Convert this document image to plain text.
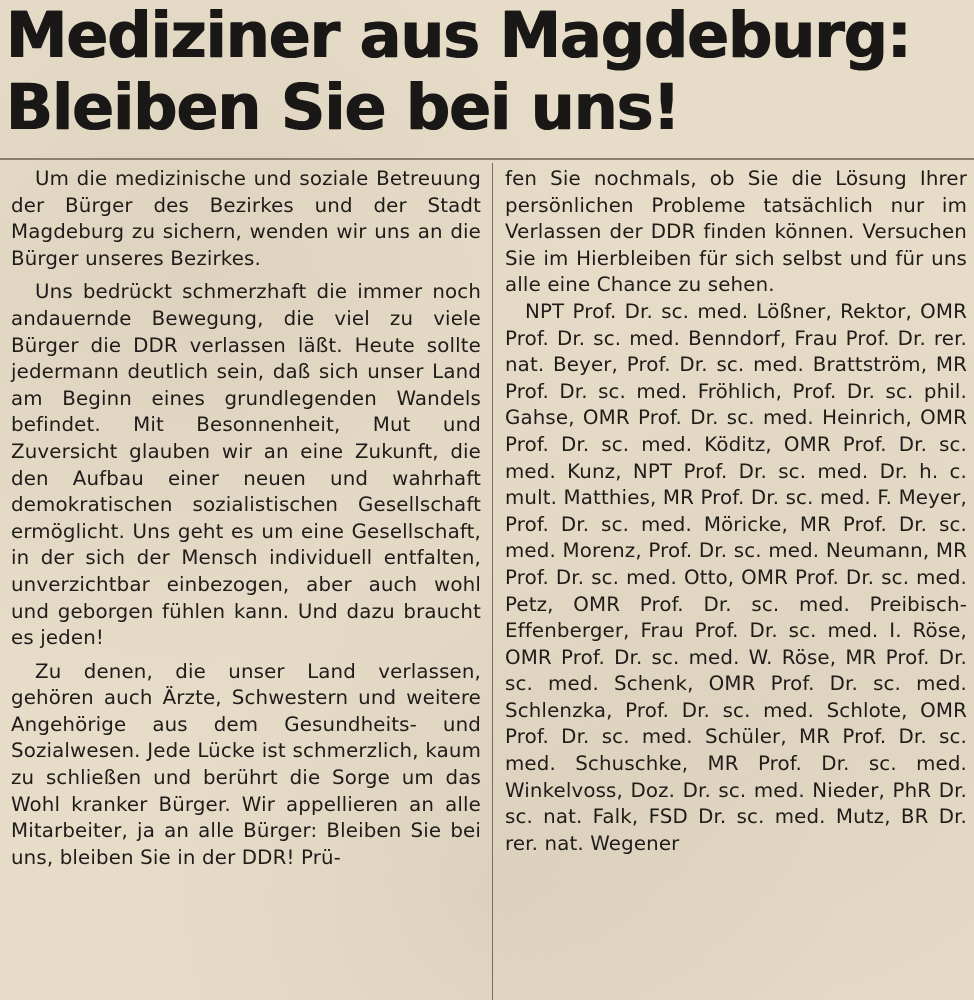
Mediziner aus Magdeburg:
Bleiben Sie bei uns!

Um die medizinische und soziale Betreuung der Bürger des Bezirkes und der Stadt Magdeburg zu sichern, wenden wir uns an die Bürger unseres Bezirkes.

Uns bedrückt schmerzhaft die immer noch andauernde Bewegung, die viel zu viele Bürger die DDR verlassen läßt. Heute sollte jedermann deutlich sein, daß sich unser Land am Beginn eines grundlegenden Wandels befindet. Mit Besonnenheit, Mut und Zuversicht glauben wir an eine Zukunft, die den Aufbau einer neuen und wahrhaft demokratischen sozialistischen Gesellschaft ermöglicht. Uns geht es um eine Gesellschaft, in der sich der Mensch individuell entfalten, unverzichtbar einbezogen, aber auch wohl und geborgen fühlen kann. Und dazu braucht es jeden!

Zu denen, die unser Land verlassen, gehören auch Ärzte, Schwestern und weitere Angehörige aus dem Gesundheits- und Sozialwesen. Jede Lücke ist schmerzlich, kaum zu schließen und berührt die Sorge um das Wohl kranker Bürger. Wir appellieren an alle Mitarbeiter, ja an alle Bürger: Bleiben Sie bei uns, bleiben Sie in der DDR! Prü-

fen Sie nochmals, ob Sie die Lösung Ihrer persönlichen Probleme tatsächlich nur im Verlassen der DDR finden können. Versuchen Sie im Hierbleiben für sich selbst und für uns alle eine Chance zu sehen.

NPT Prof. Dr. sc. med. Lößner, Rektor, OMR Prof. Dr. sc. med. Benndorf, Frau Prof. Dr. rer. nat. Beyer, Prof. Dr. sc. med. Brattström, MR Prof. Dr. sc. med. Fröhlich, Prof. Dr. sc. phil. Gahse, OMR Prof. Dr. sc. med. Heinrich, OMR Prof. Dr. sc. med. Köditz, OMR Prof. Dr. sc. med. Kunz, NPT Prof. Dr. sc. med. Dr. h. c. mult. Matthies, MR Prof. Dr. sc. med. F. Meyer, Prof. Dr. sc. med. Möricke, MR Prof. Dr. sc. med. Morenz, Prof. Dr. sc. med. Neumann, MR Prof. Dr. sc. med. Otto, OMR Prof. Dr. sc. med. Petz, OMR Prof. Dr. sc. med. Preibisch-Effenberger, Frau Prof. Dr. sc. med. I. Röse, OMR Prof. Dr. sc. med. W. Röse, MR Prof. Dr. sc. med. Schenk, OMR Prof. Dr. sc. med. Schlenzka, Prof. Dr. sc. med. Schlote, OMR Prof. Dr. sc. med. Schüler, MR Prof. Dr. sc. med. Schuschke, MR Prof. Dr. sc. med. Winkelvoss, Doz. Dr. sc. med. Nieder, PhR Dr. sc. nat. Falk, FSD Dr. sc. med. Mutz, BR Dr. rer. nat. Wegener
